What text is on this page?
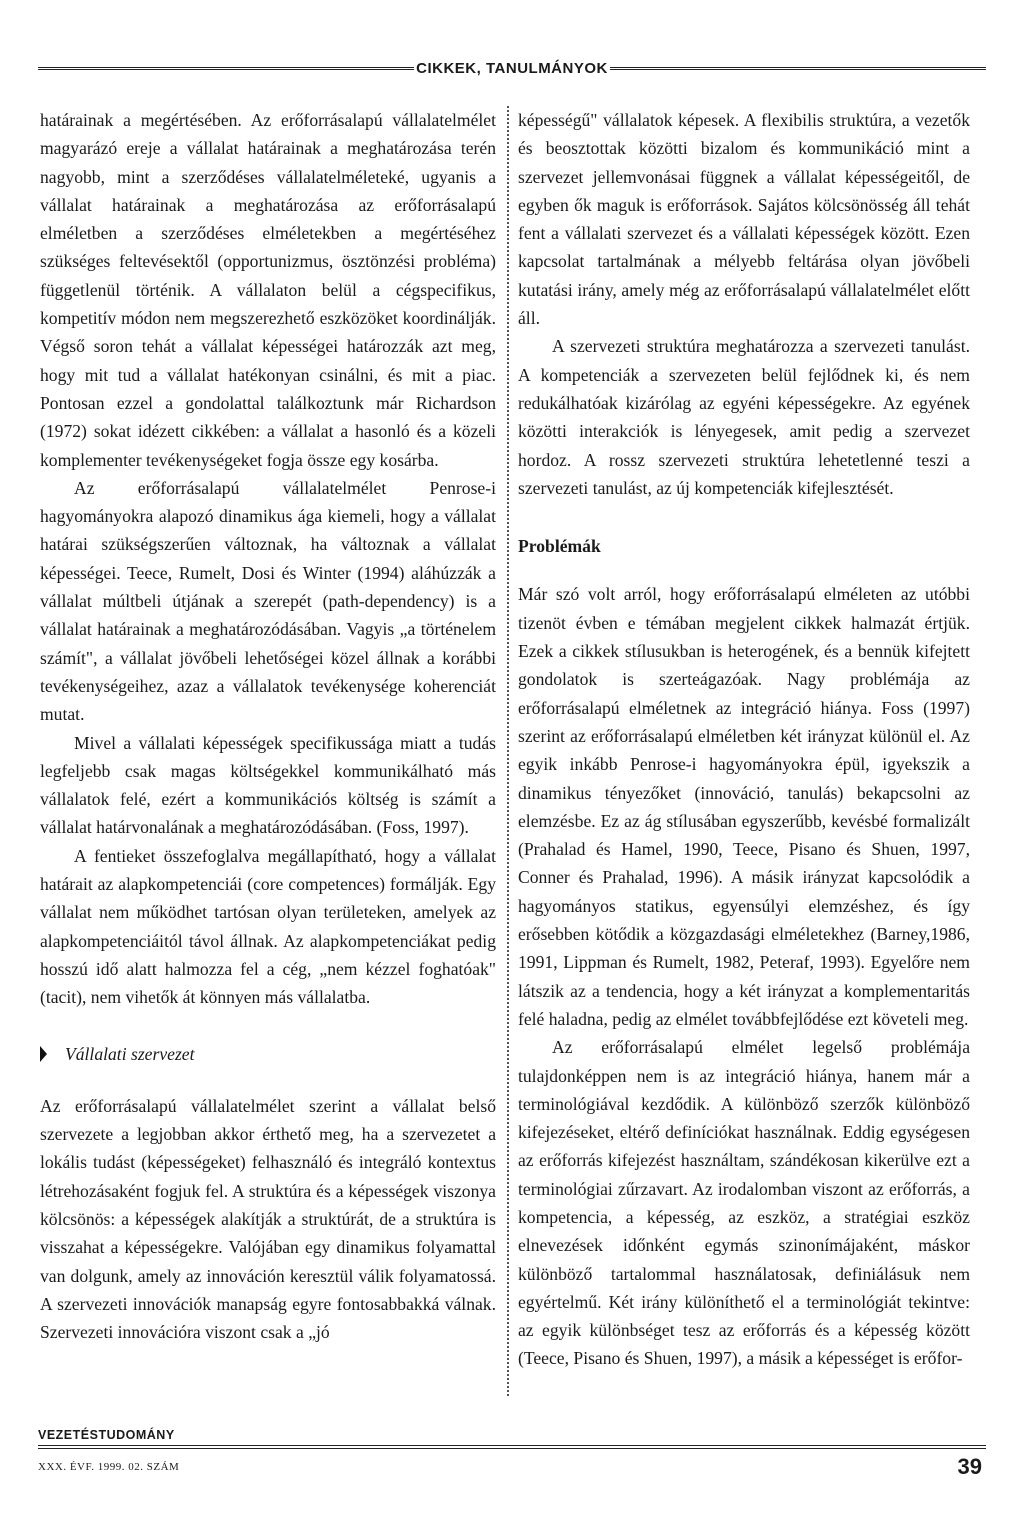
CIKKEK, TANULMÁNYOK

határainak a megértésében. Az erőforrásalapú vállalatelmélet magyarázó ereje a vállalat határainak a meghatározása terén nagyobb, mint a szerződéses vállalatelméleteké, ugyanis a vállalat határainak a meghatározása az erőforrásalapú elméletben a szerződéses elméletekben a megértéséhez szükséges feltevésektől (opportunizmus, ösztönzési probléma) függetlenül történik. A vállalaton belül a cégspecifikus, kompetitív módon nem megszerezhető eszközöket koordinálják. Végső soron tehát a vállalat képességei határozzák azt meg, hogy mit tud a vállalat hatékonyan csinálni, és mit a piac. Pontosan ezzel a gondolattal találkoztunk már Richardson (1972) sokat idézett cikkében: a vállalat a hasonló és a közeli komplementer tevékenységeket fogja össze egy kosárba.

Az erőforrásalapú vállalatelmélet Penrose-i hagyományokra alapozó dinamikus ága kiemeli, hogy a vállalat határai szükségszerűen változnak, ha változnak a vállalat képességei. Teece, Rumelt, Dosi és Winter (1994) aláhúzzák a vállalat múltbeli útjának a szerepét (path-dependency) is a vállalat határainak a meghatározódásában. Vagyis „a történelem számít", a vállalat jövőbeli lehetőségei közel állnak a korábbi tevékenységeihez, azaz a vállalatok tevékenysége koherenciát mutat.

Mivel a vállalati képességek specifikussága miatt a tudás legfeljebb csak magas költségekkel kommunikálható más vállalatok felé, ezért a kommunikációs költség is számít a vállalat határvonalának a meghatározódásában. (Foss, 1997).

A fentieket összefoglalva megállapítható, hogy a vállalat határait az alapkompetenciái (core competences) formálják. Egy vállalat nem működhet tartósan olyan területeken, amelyek az alapkompetenciáitól távol állnak. Az alapkompetenciákat pedig hosszú idő alatt halmozza fel a cég, „nem kézzel foghatóak" (tacit), nem vihetők át könnyen más vállalatba.

Vállalati szervezet

Az erőforrásalapú vállalatelmélet szerint a vállalat belső szervezete a legjobban akkor érthető meg, ha a szervezetet a lokális tudást (képességeket) felhasználó és integráló kontextus létrehozásaként fogjuk fel. A struktúra és a képességek viszonya kölcsönös: a képességek alakítják a struktúrát, de a struktúra is visszahat a képességekre. Valójában egy dinamikus folyamattal van dolgunk, amely az innováción keresztül válik folyamatossá. A szervezeti innovációk manapság egyre fontosabbakká válnak. Szervezeti innovációra viszont csak a „jó

képességű" vállalatok képesek. A flexibilis struktúra, a vezetők és beosztottak közötti bizalom és kommunikáció mint a szervezet jellemvonásai függnek a vállalat képességeitől, de egyben ők maguk is erőforrások. Sajátos kölcsönösség áll tehát fent a vállalati szervezet és a vállalati képességek között. Ezen kapcsolat tartalmának a mélyebb feltárása olyan jövőbeli kutatási irány, amely még az erőforrásalapú vállalatelmélet előtt áll.

A szervezeti struktúra meghatározza a szervezeti tanulást. A kompetenciák a szervezeten belül fejlődnek ki, és nem redukálhatóak kizárólag az egyéni képességekre. Az egyének közötti interakciók is lényegesek, amit pedig a szervezet hordoz. A rossz szervezeti struktúra lehetetlenné teszi a szervezeti tanulást, az új kompetenciák kifejlesztését.

Problémák

Már szó volt arról, hogy erőforrásalapú elméleten az utóbbi tizenöt évben e témában megjelent cikkek halmazát értjük. Ezek a cikkek stílusukban is heterogének, és a bennük kifejtett gondolatok is szerteágazóak. Nagy problémája az erőforrásalapú elméletnek az integráció hiánya. Foss (1997) szerint az erőforrásalapú elméletben két irányzat különül el. Az egyik inkább Penrose-i hagyományokra épül, igyekszik a dinamikus tényezőket (innováció, tanulás) bekapcsolni az elemzésbe. Ez az ág stílusában egyszerűbb, kevésbé formalizált (Prahalad és Hamel, 1990, Teece, Pisano és Shuen, 1997, Conner és Prahalad, 1996). A másik irányzat kapcsolódik a hagyományos statikus, egyensúlyi elemzéshez, és így erősebben kötődik a közgazdasági elméletekhez (Barney,1986, 1991, Lippman és Rumelt, 1982, Peteraf, 1993). Egyelőre nem látszik az a tendencia, hogy a két irányzat a komplementaritás felé haladna, pedig az elmélet továbbfejlődése ezt követeli meg.

Az erőforrásalapú elmélet legelső problémája tulajdonképpen nem is az integráció hiánya, hanem már a terminológiával kezdődik. A különböző szerzők különböző kifejezéseket, eltérő definíciókat használnak. Eddig egységesen az erőforrás kifejezést használtam, szándékosan kikerülve ezt a terminológiai zűrzavart. Az irodalomban viszont az erőforrás, a kompetencia, a képesség, az eszköz, a stratégiai eszköz elnevezések időnként egymás szinonímájaként, máskor különböző tartalommal használatosak, definiálásuk nem egyértelmű. Két irány különíthető el a terminológiát tekintve: az egyik különbséget tesz az erőforrás és a képesség között (Teece, Pisano és Shuen, 1997), a másik a képességet is erőfor-

VEZETÉSTUDOMÁNY
XXX. ÉVF. 1999. 02. SZÁM	39
